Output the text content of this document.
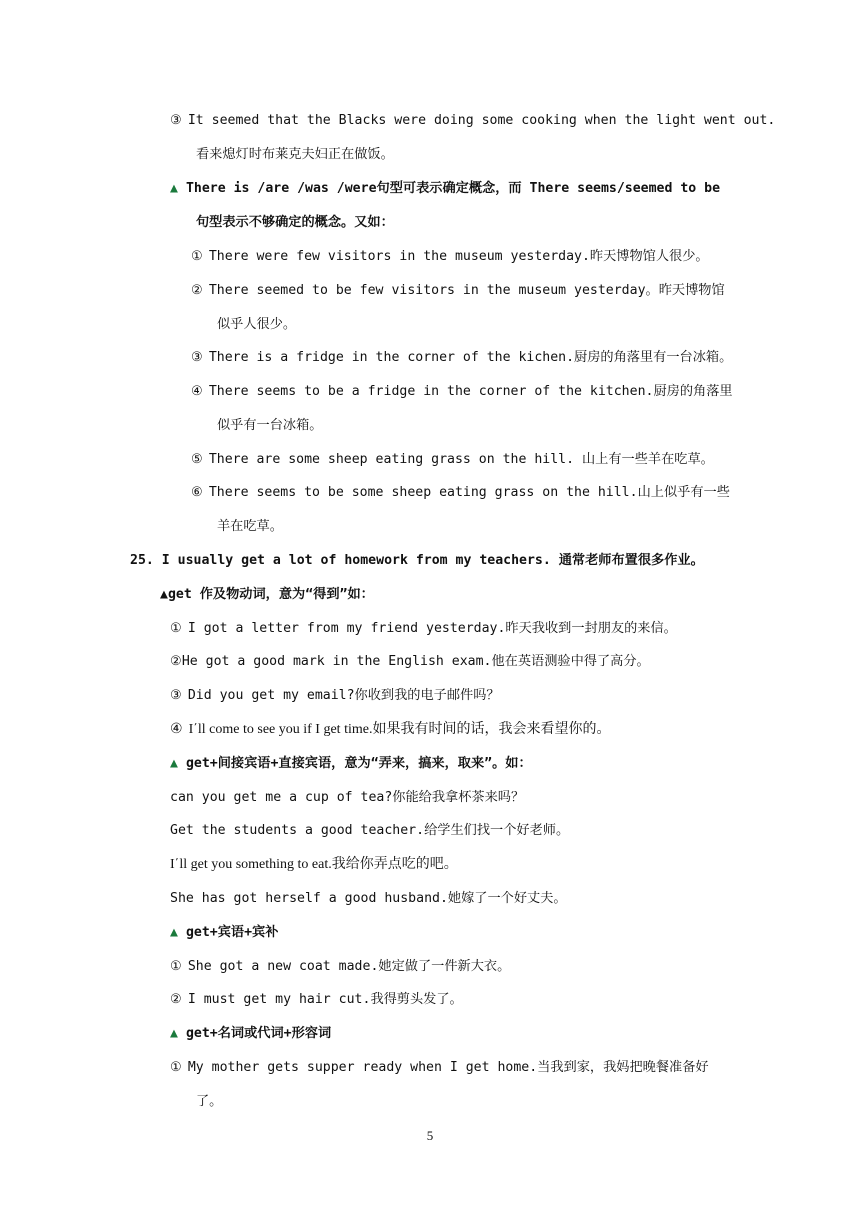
③ It seemed that the Blacks were doing some cooking when the light went out.
看来熄灯时布莱克夫妇正在做饭。
▲ There is /are /was /were句型可表示确定概念，而 There seems/seemed to be
句型表示不够确定的概念。又如：
① There were few visitors in the museum yesterday.昨天博物馆人很少。
② There seemed to be few visitors in the museum yesterday。昨天博物馆
似乎人很少。
③ There is a fridge in the corner of the kichen.厨房的角落里有一台冰箱。
④ There seems to be a fridge in the corner of the kitchen.厨房的角落里
似乎有一台冰箱。
⑤ There are some sheep eating grass on the hill. 山上有一些羊在吃草。
⑥ There seems to be some sheep eating grass on the hill.山上似乎有一些
羊在吃草。
25. I usually get a lot of homework from my teachers. 通常老师布置很多作业。
▲get 作及物动词，意为“得到”如：
① I got a letter from my friend yesterday.昨天我收到一封朋友的来信。
②He got a good mark in the English exam.他在英语测验中得了高分。
③ Did you get my email?你收到我的电子邮件吗？
④ I΄ll come to see you if I get time.如果我有时间的话，我会来看望你的。
▲ get+间接宾语+直接宾语，意为“弄来，搞来，取来”。如：
can you get me a cup of tea?你能给我拿杯茶来吗？
Get the students a good teacher.给学生们找一个好老师。
I΄ll get you something to eat.我给你弄点吃的吧。
She has got herself a good husband.她嫁了一个好丈夫。
▲ get+宾语+宾补
① She got a new coat made.她定做了一件新大衣。
② I must get my hair cut.我得剪头发了。
▲ get+名词或代词+形容词
① My mother gets supper ready when I get home.当我到家，我妈把晚餐准备好
了。
5
